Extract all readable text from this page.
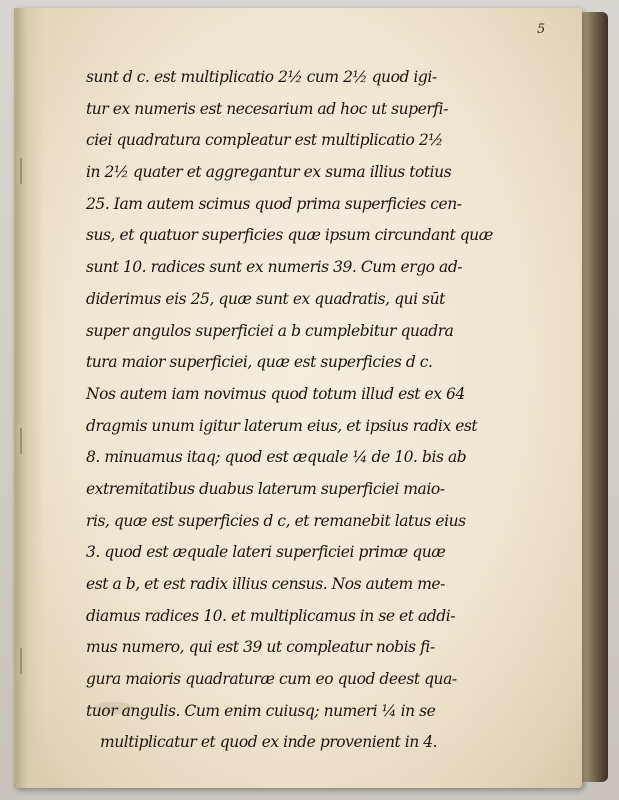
5
sunt d c. est multiplicatio 2½ cum 2½ quod igi-
tur ex numeris est necesarium ad hoc ut superfi-
ciei quadratura compleatur est multiplicatio 2½
in 2½ quater et aggregantur ex suma illius totius
25. Iam autem scimus quod prima superficies cen-
sus, et quatuor superficies quæ ipsum circundant quæ
sunt 10. radices sunt ex numeris 39. Cum ergo ad-
diderimus eis 25, quæ sunt ex quadratis, qui sūt
super angulos superficiei a b cumplebitur quadra
tura maior superficiei, quæ est superficies d c.
Nos autem iam novimus quod totum illud est ex 64
dragmis unum igitur laterum eius, et ipsius radix est
8. minuamus itaq; quod est æquale ¼ de 10. bis ab
extremitatibus duabus laterum superficiei maio-
ris, quæ est superficies d c, et remanebit latus eius
3. quod est æquale lateri superficiei primæ quæ
est a b, et est radix illius census. Nos autem me-
diamus radices 10. et multiplicamus in se et addi-
mus numero, qui est 39 ut compleatur nobis fi-
gura maioris quadraturæ cum eo quod deest qua-
tuor angulis. Cum enim cuiusq; numeri ¼ in se
multiplicatur et quod ex inde provenient in 4.
